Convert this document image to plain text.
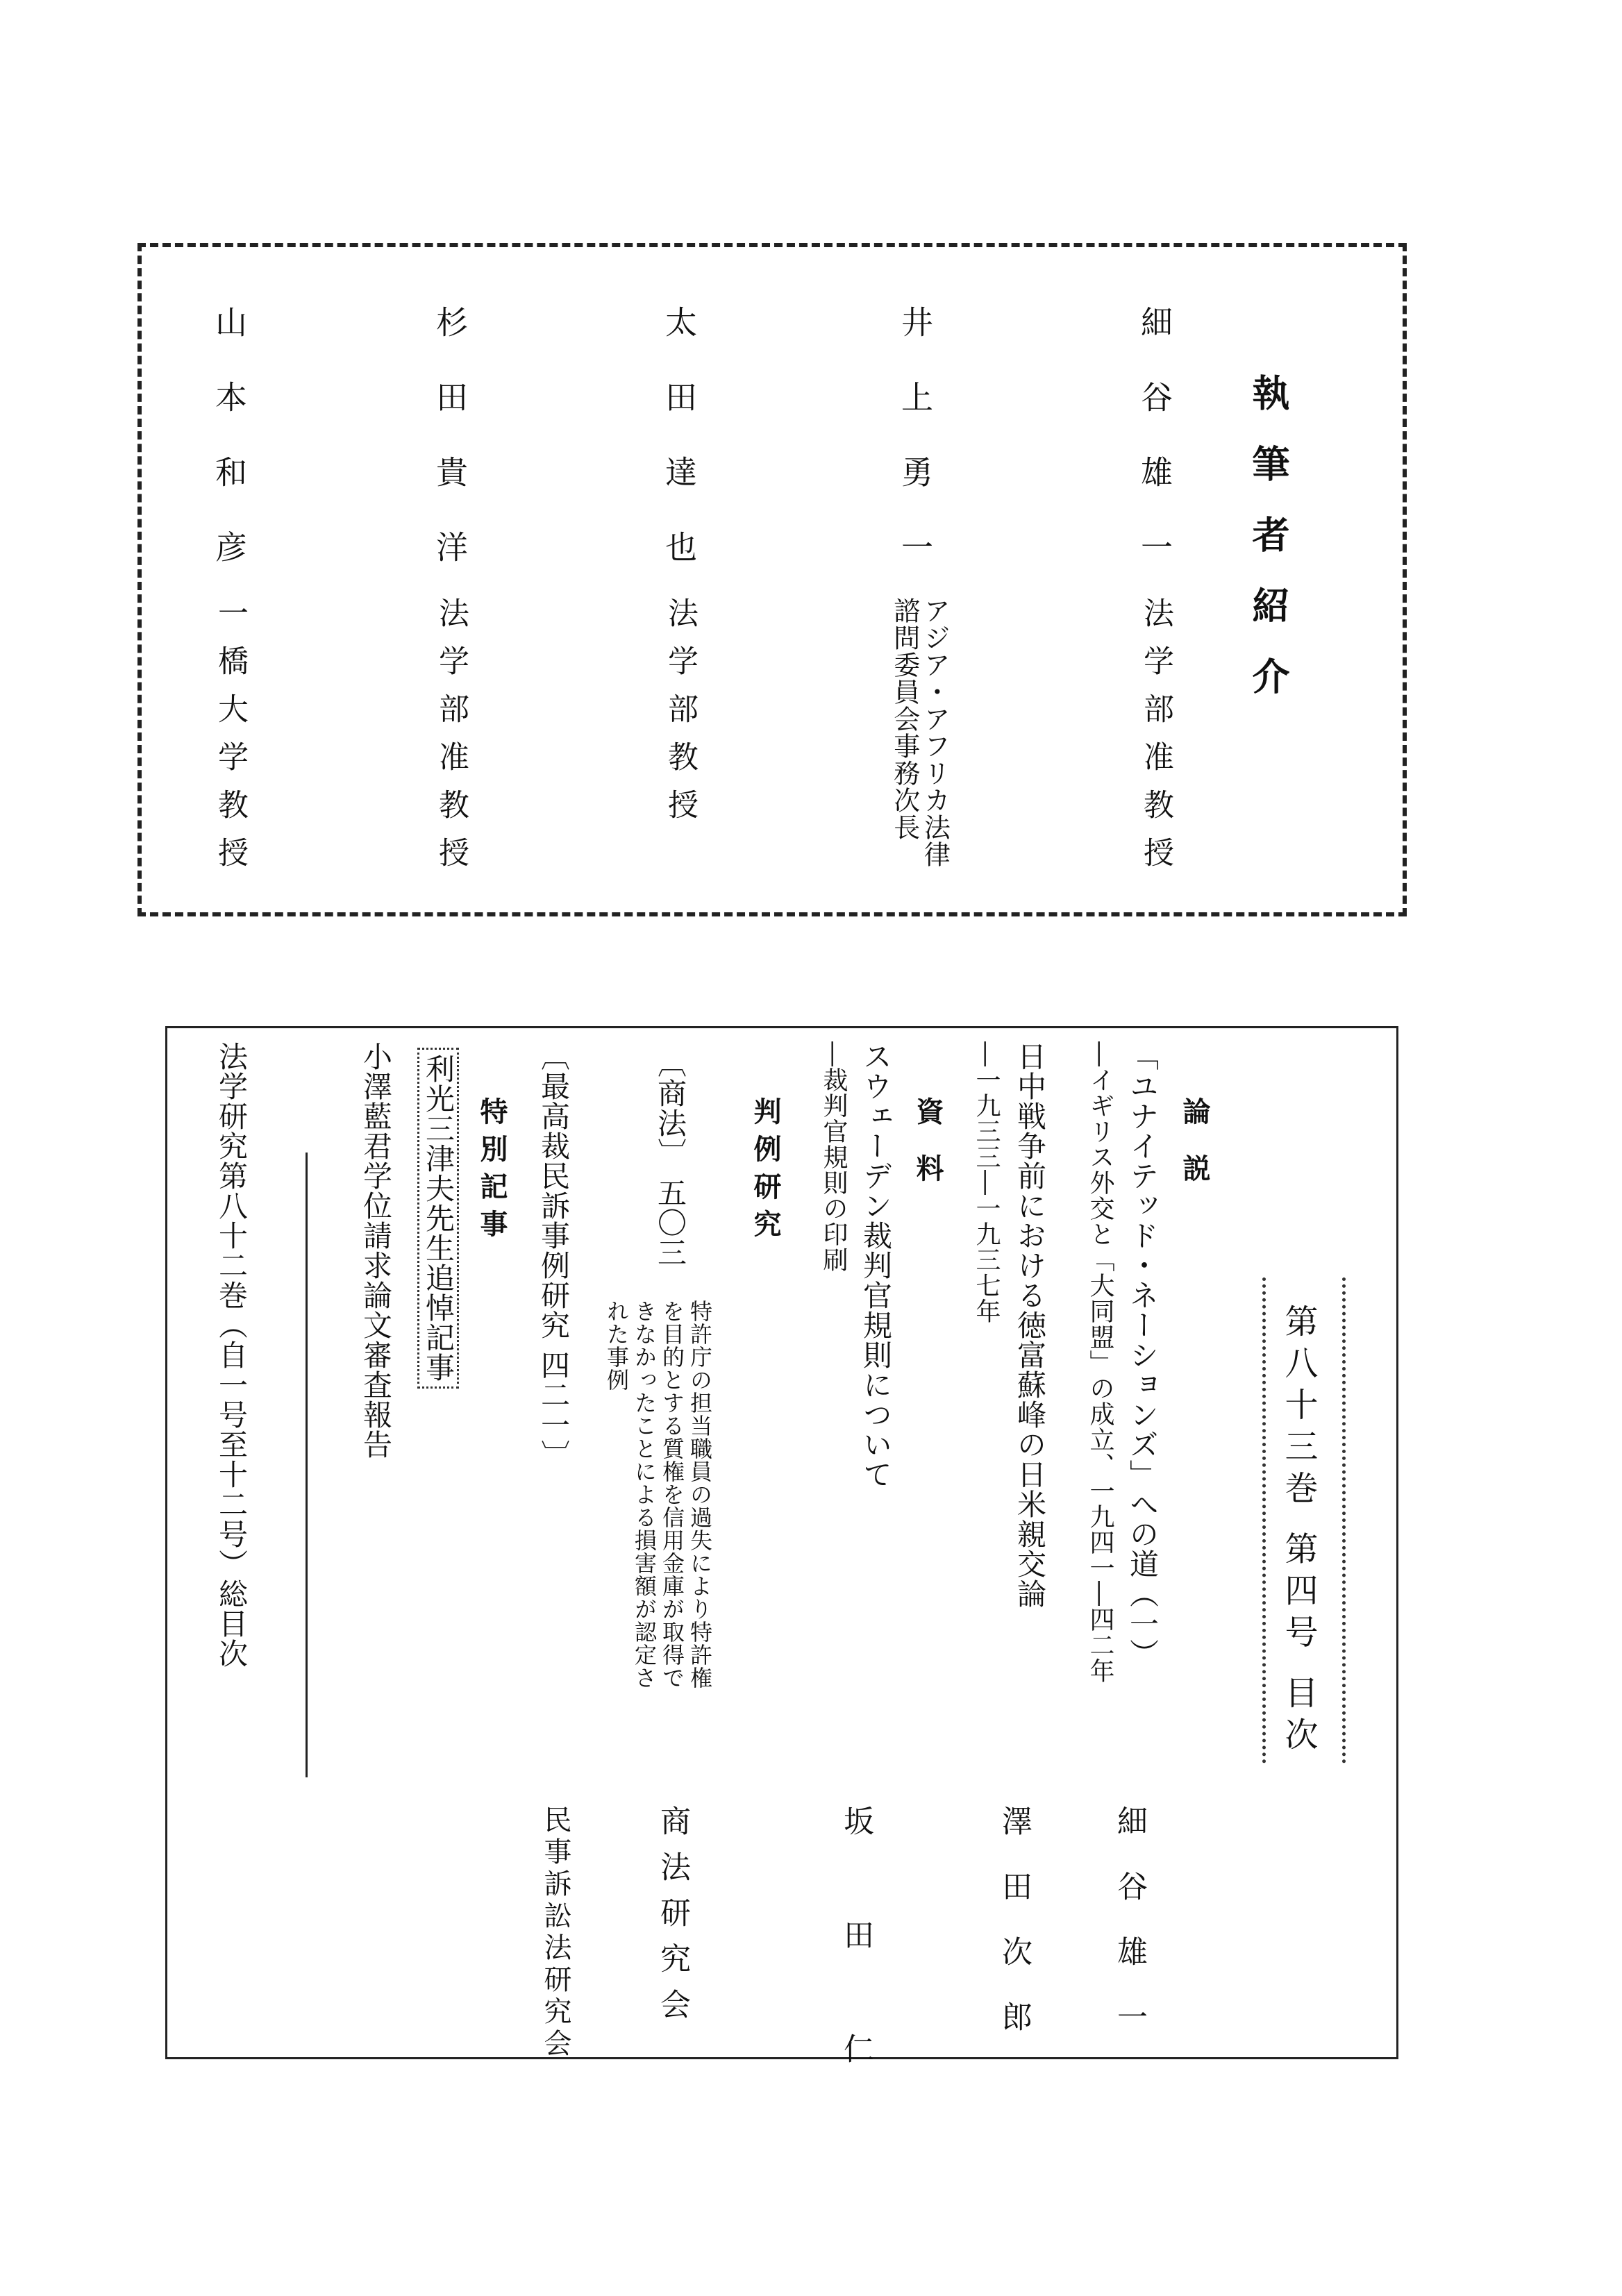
執筆者紹介
細谷雄一
法学部准教授
井上勇一
アジア・アフリカ法律
諮問委員会事務次長
太田達也
法学部教授
杉田貴洋
法学部准教授
山本和彦
一橋大学教授
第八十三巻 第四号 目次
論 説
「ユナイテッド・ネーションズ」への道（一）
―イギリス外交と「大同盟」の成立、一九四一―四二年
細谷雄一
日中戦争前における徳富蘇峰の日米親交論
―一九三三―一九三七年
澤田次郎
資 料
スウェーデン裁判官規則について
―裁判官規則の印刷
坂田仁
判例研究
〔商法〕 五〇三
特許庁の担当職員の過失により特許権
を目的とする質権を信用金庫が取得で
きなかったことによる損害額が認定さ
れた事例
商法研究会
〔最高裁民訴事例研究 四二一〕
民事訴訟法研究会
特別記事
利光三津夫先生追悼記事
小澤藍君学位請求論文審査報告
法学研究第八十二巻（自一号至十二号）総目次
